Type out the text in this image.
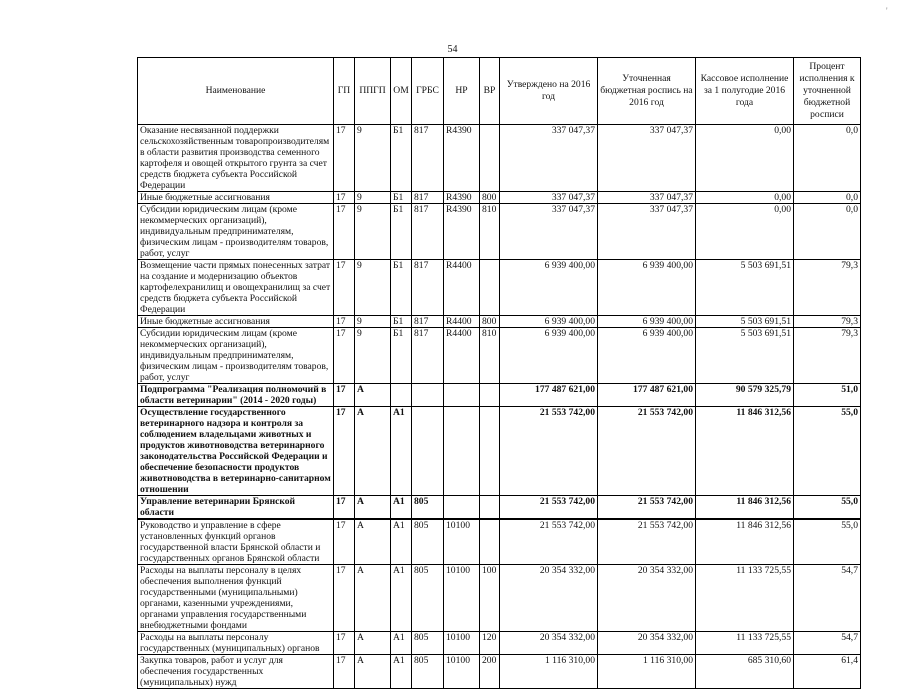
'
54
Наименование	ГП	ППГП	ОМ	ГРБС	НР	ВР	Утверждено на 2016 год	Уточненная бюджетная роспись на 2016 год	Кассовое исполнение за 1 полугодие 2016 года	Процент исполнения к уточненной бюджетной росписи
Оказание несвязанной поддержки сельскохозяйственным товаропроизводителям в области развития производства семенного картофеля и овощей открытого грунта за счет средств бюджета субъекта Российской Федерации	17	9	Б1	817	R4390		337 047,37	337 047,37	0,00	0,0
Иные бюджетные ассигнования	17	9	Б1	817	R4390	800	337 047,37	337 047,37	0,00	0,0
Субсидии юридическим лицам (кроме некоммерческих организаций), индивидуальным предпринимателям, физическим лицам - производителям товаров, работ, услуг	17	9	Б1	817	R4390	810	337 047,37	337 047,37	0,00	0,0
Возмещение части прямых понесенных затрат на создание и модернизацию объектов картофелехранилищ и овощехранилищ за счет средств бюджета субъекта Российской Федерации	17	9	Б1	817	R4400		6 939 400,00	6 939 400,00	5 503 691,51	79,3
Иные бюджетные ассигнования	17	9	Б1	817	R4400	800	6 939 400,00	6 939 400,00	5 503 691,51	79,3
Субсидии юридическим лицам (кроме некоммерческих организаций), индивидуальным предпринимателям, физическим лицам - производителям товаров, работ, услуг	17	9	Б1	817	R4400	810	6 939 400,00	6 939 400,00	5 503 691,51	79,3
Подпрограмма "Реализация полномочий в области ветеринарии" (2014 - 2020 годы)	17	А					177 487 621,00	177 487 621,00	90 579 325,79	51,0
Осуществление государственного ветеринарного надзора и контроля за соблюдением владельцами животных и продуктов животноводства ветеринарного законодательства Российской Федерации и обеспечение безопасности продуктов животноводства в ветеринарно-санитарном отношении	17	А	А1				21 553 742,00	21 553 742,00	11 846 312,56	55,0
Управление ветеринарии Брянской области	17	А	А1	805			21 553 742,00	21 553 742,00	11 846 312,56	55,0
Руководство и управление в сфере установленных функций органов государственной власти Брянской области и государственных органов Брянской области	17	А	А1	805	10100		21 553 742,00	21 553 742,00	11 846 312,56	55,0
Расходы на выплаты персоналу в целях обеспечения выполнения функций государственными (муниципальными) органами, казенными учреждениями, органами управления государственными внебюджетными фондами	17	А	А1	805	10100	100	20 354 332,00	20 354 332,00	11 133 725,55	54,7
Расходы на выплаты персоналу государственных (муниципальных) органов	17	А	А1	805	10100	120	20 354 332,00	20 354 332,00	11 133 725,55	54,7
Закупка товаров, работ и услуг для обеспечения государственных (муниципальных) нужд	17	А	А1	805	10100	200	1 116 310,00	1 116 310,00	685 310,60	61,4
